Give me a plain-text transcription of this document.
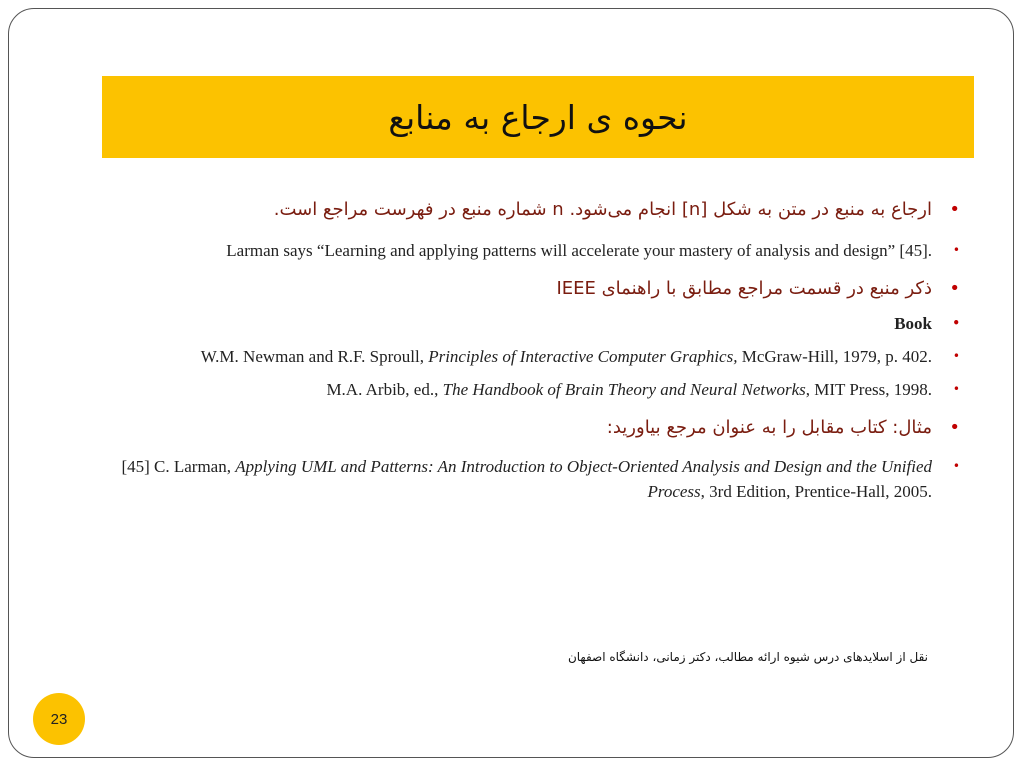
نحوه ی ارجاع به منابع
•
ارجاع به منبع در متن به شکل [n] انجام می‌شود. n شماره منبع در فهرست مراجع است.
•
Larman says “Learning and applying patterns will accelerate your mastery of analysis and design” [45].
•
ذکر منبع در قسمت مراجع مطابق با راهنمای IEEE
•
Book
•
W.M. Newman and R.F. Sproull, Principles of Interactive Computer Graphics, McGraw-Hill, 1979, p. 402.
•
M.A. Arbib, ed., The Handbook of Brain Theory and Neural Networks, MIT Press, 1998.
•
مثال: کتاب مقابل را به عنوان مرجع بیاورید:
•
[45] C. Larman, Applying UML and Patterns: An Introduction to Object-Oriented Analysis and Design and the Unified Process, 3rd Edition, Prentice-Hall, 2005.
نقل از اسلایدهای درس شیوه ارائه مطالب، دکتر زمانی، دانشگاه اصفهان
23
